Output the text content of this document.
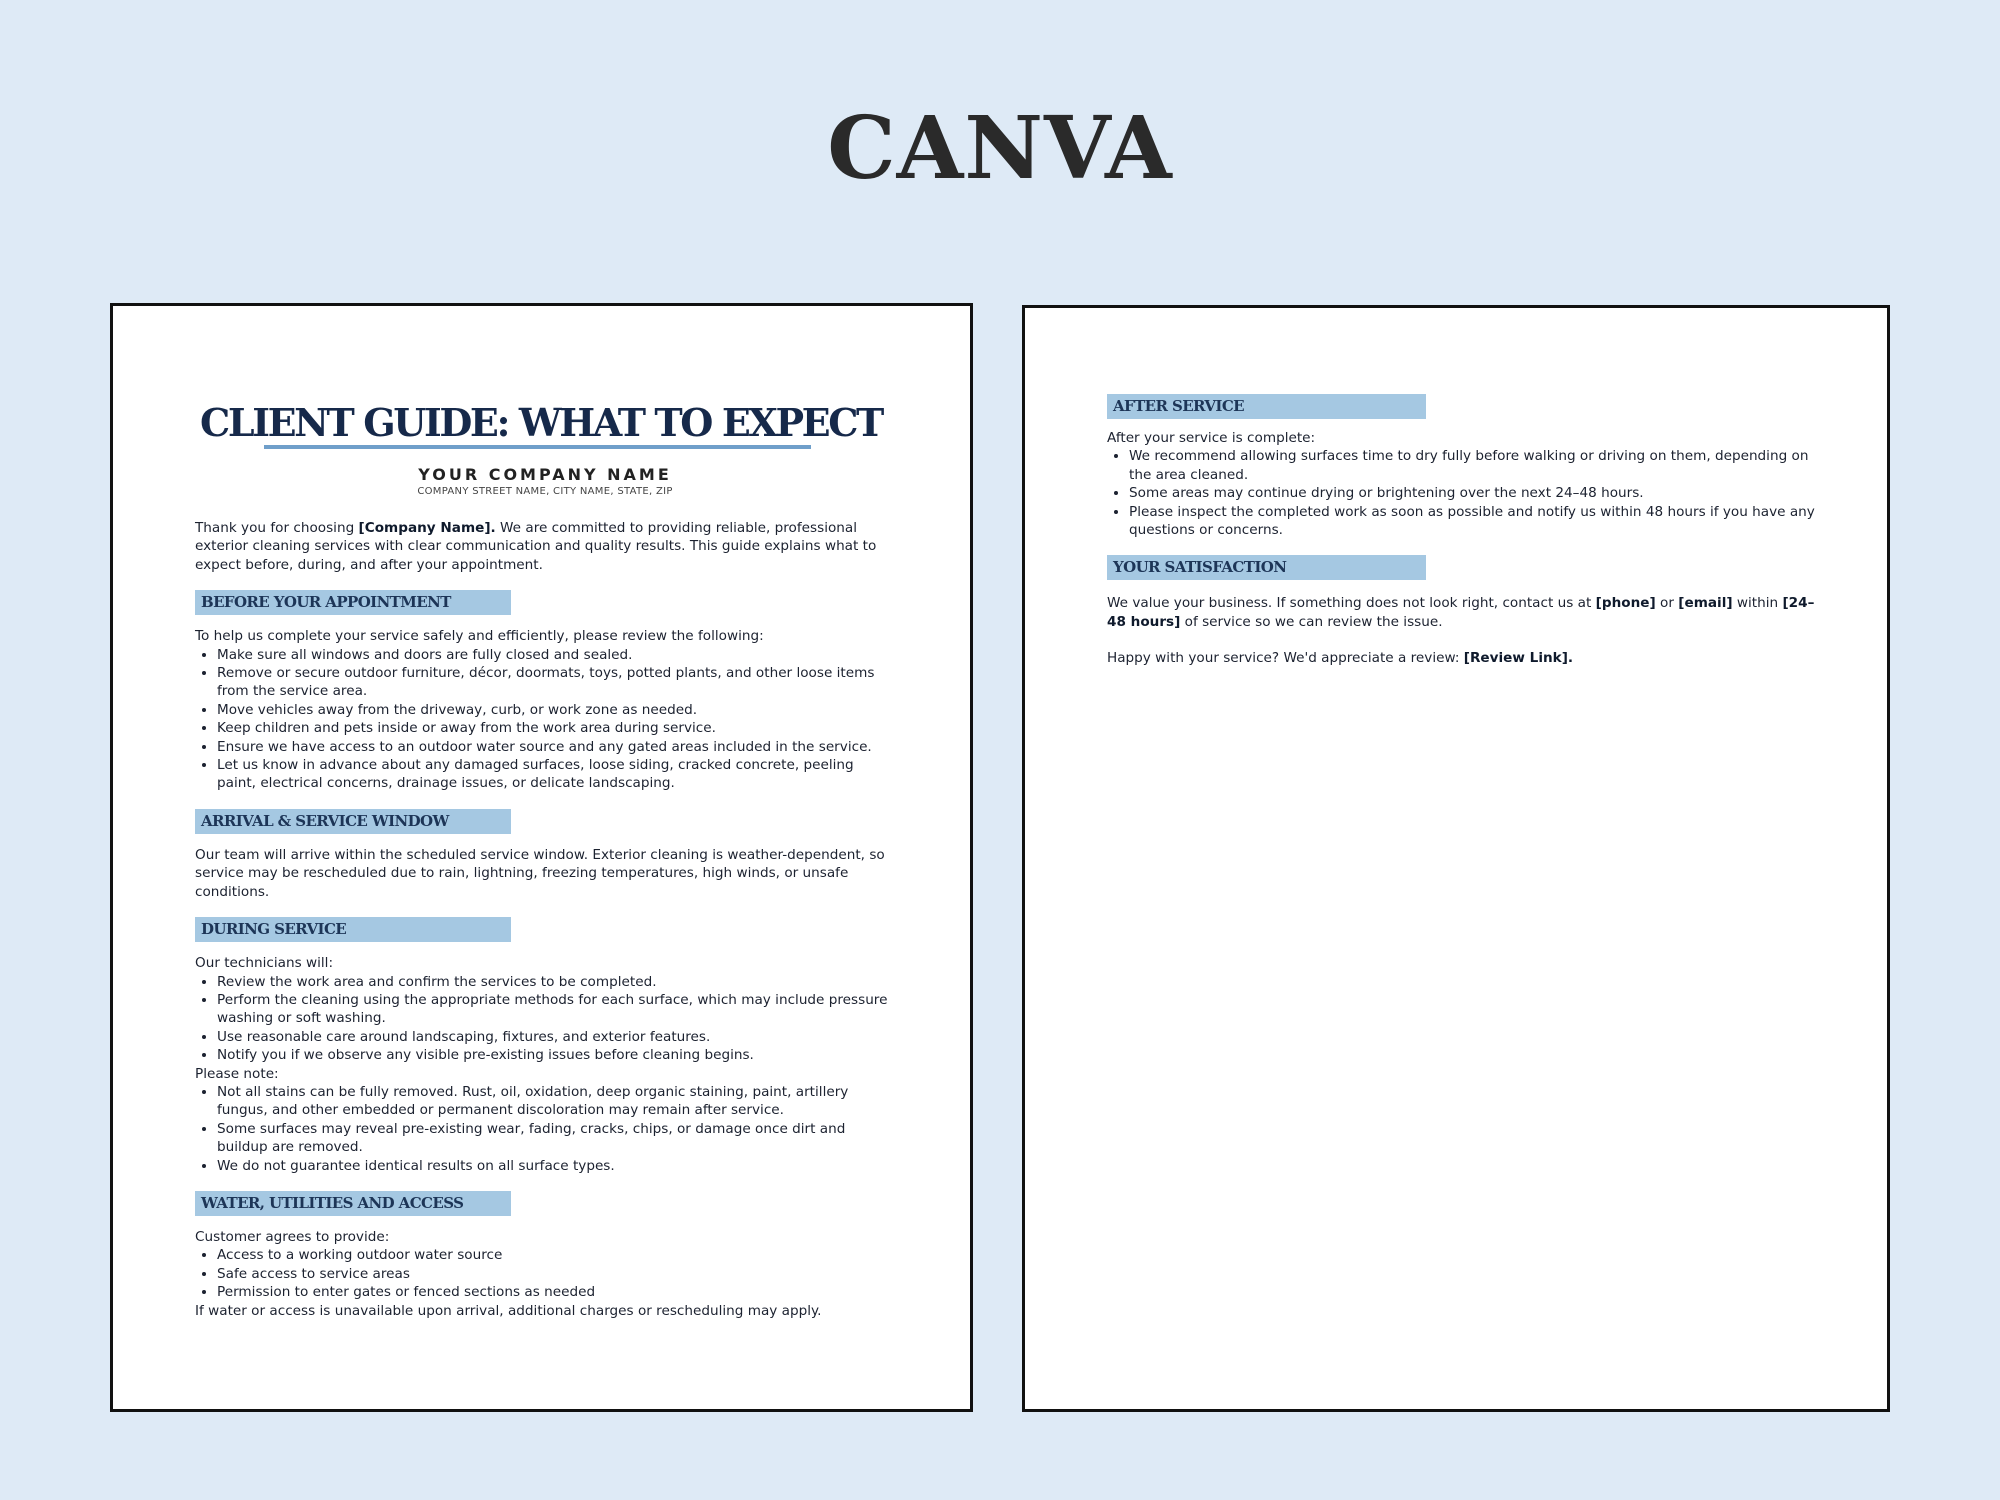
CANVA
CLIENT GUIDE: WHAT TO EXPECT
YOUR COMPANY NAME
COMPANY STREET NAME, CITY NAME, STATE, ZIP

Thank you for choosing [Company Name]. We are committed to providing reliable, professional exterior cleaning services with clear communication and quality results. This guide explains what to expect before, during, and after your appointment.

BEFORE YOUR APPOINTMENT

To help us complete your service safely and efficiently, please review the following:

• Make sure all windows and doors are fully closed and sealed.
• Remove or secure outdoor furniture, décor, doormats, toys, potted plants, and other loose items from the service area.
• Move vehicles away from the driveway, curb, or work zone as needed.
• Keep children and pets inside or away from the work area during service.
• Ensure we have access to an outdoor water source and any gated areas included in the service.
• Let us know in advance about any damaged surfaces, loose siding, cracked concrete, peeling paint, electrical concerns, drainage issues, or delicate landscaping.
ARRIVAL & SERVICE WINDOW

Our team will arrive within the scheduled service window. Exterior cleaning is weather-dependent, so service may be rescheduled due to rain, lightning, freezing temperatures, high winds, or unsafe conditions.

DURING SERVICE

Our technicians will:

• Review the work area and confirm the services to be completed.
• Perform the cleaning using the appropriate methods for each surface, which may include pressure washing or soft washing.
• Use reasonable care around landscaping, fixtures, and exterior features.
• Notify you if we observe any visible pre-existing issues before cleaning begins.

Please note:

• Not all stains can be fully removed. Rust, oil, oxidation, deep organic staining, paint, artillery fungus, and other embedded or permanent discoloration may remain after service.
• Some surfaces may reveal pre-existing wear, fading, cracks, chips, or damage once dirt and buildup are removed.
• We do not guarantee identical results on all surface types.
WATER, UTILITIES AND ACCESS

Customer agrees to provide:

• Access to a working outdoor water source
• Safe access to service areas
• Permission to enter gates or fenced sections as needed

If water or access is unavailable upon arrival, additional charges or rescheduling may apply.

AFTER SERVICE

After your service is complete:

• We recommend allowing surfaces time to dry fully before walking or driving on them, depending on the area cleaned.
• Some areas may continue drying or brightening over the next 24–48 hours.
• Please inspect the completed work as soon as possible and notify us within 48 hours if you have any questions or concerns.
YOUR SATISFACTION

We value your business. If something does not look right, contact us at [phone] or [email] within [24–48 hours] of service so we can review the issue.

Happy with your service? We'd appreciate a review: [Review Link].
